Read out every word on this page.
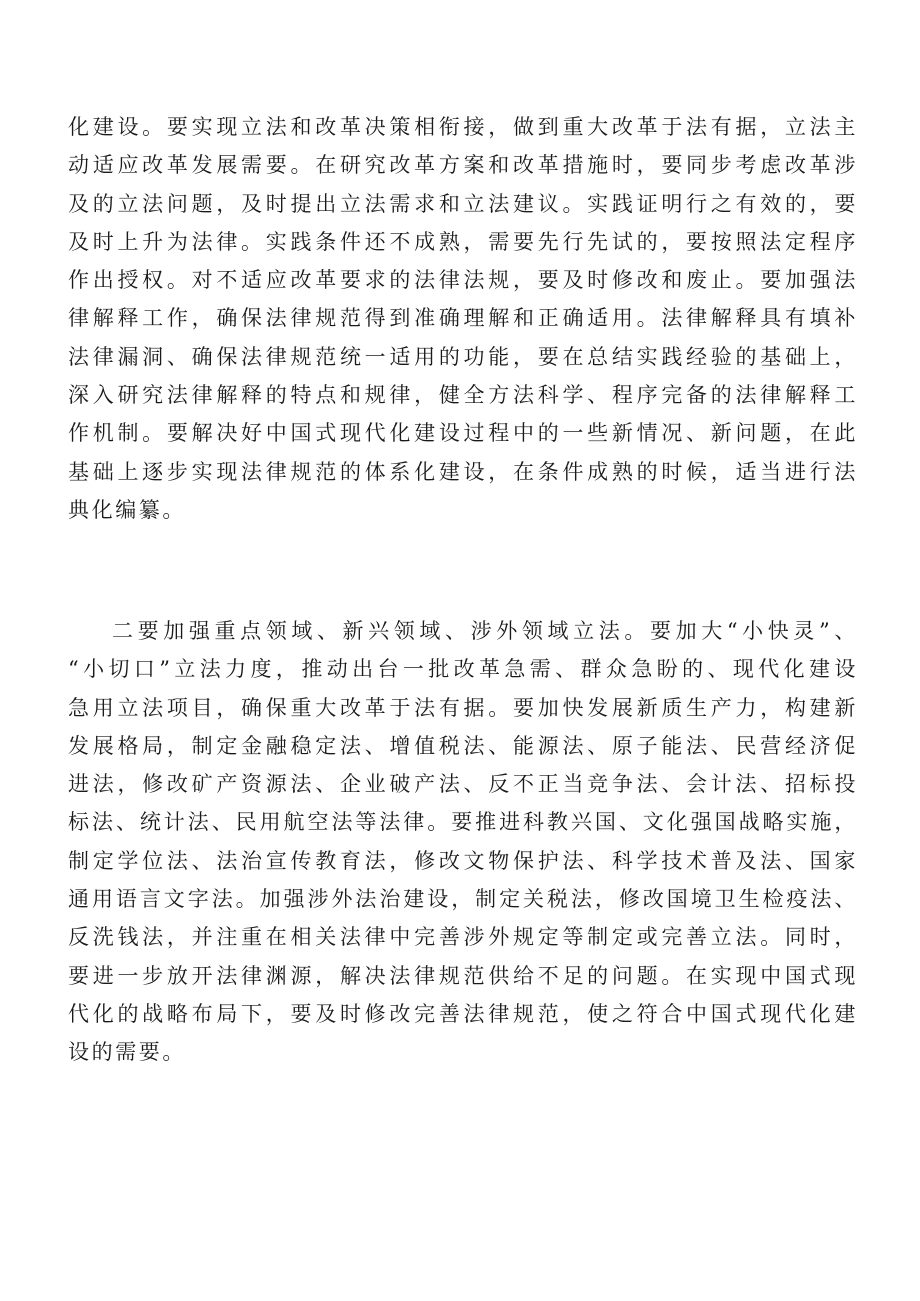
化建设。要实现立法和改革决策相衔接，做到重大改革于法有据，立法主
动适应改革发展需要。在研究改革方案和改革措施时，要同步考虑改革涉
及的立法问题，及时提出立法需求和立法建议。实践证明行之有效的，要
及时上升为法律。实践条件还不成熟，需要先行先试的，要按照法定程序
作出授权。对不适应改革要求的法律法规，要及时修改和废止。要加强法
律解释工作，确保法律规范得到准确理解和正确适用。法律解释具有填补
法律漏洞、确保法律规范统一适用的功能，要在总结实践经验的基础上，
深入研究法律解释的特点和规律，健全方法科学、程序完备的法律解释工
作机制。要解决好中国式现代化建设过程中的一些新情况、新问题，在此
基础上逐步实现法律规范的体系化建设，在条件成熟的时候，适当进行法
典化编纂。
二要加强重点领域、新兴领域、涉外领域立法。要加大“小快灵”、
“小切口”立法力度，推动出台一批改革急需、群众急盼的、现代化建设
急用立法项目，确保重大改革于法有据。要加快发展新质生产力，构建新
发展格局，制定金融稳定法、增值税法、能源法、原子能法、民营经济促
进法，修改矿产资源法、企业破产法、反不正当竞争法、会计法、招标投
标法、统计法、民用航空法等法律。要推进科教兴国、文化强国战略实施，
制定学位法、法治宣传教育法，修改文物保护法、科学技术普及法、国家
通用语言文字法。加强涉外法治建设，制定关税法，修改国境卫生检疫法、
反洗钱法，并注重在相关法律中完善涉外规定等制定或完善立法。同时，
要进一步放开法律渊源，解决法律规范供给不足的问题。在实现中国式现
代化的战略布局下，要及时修改完善法律规范，使之符合中国式现代化建
设的需要。
